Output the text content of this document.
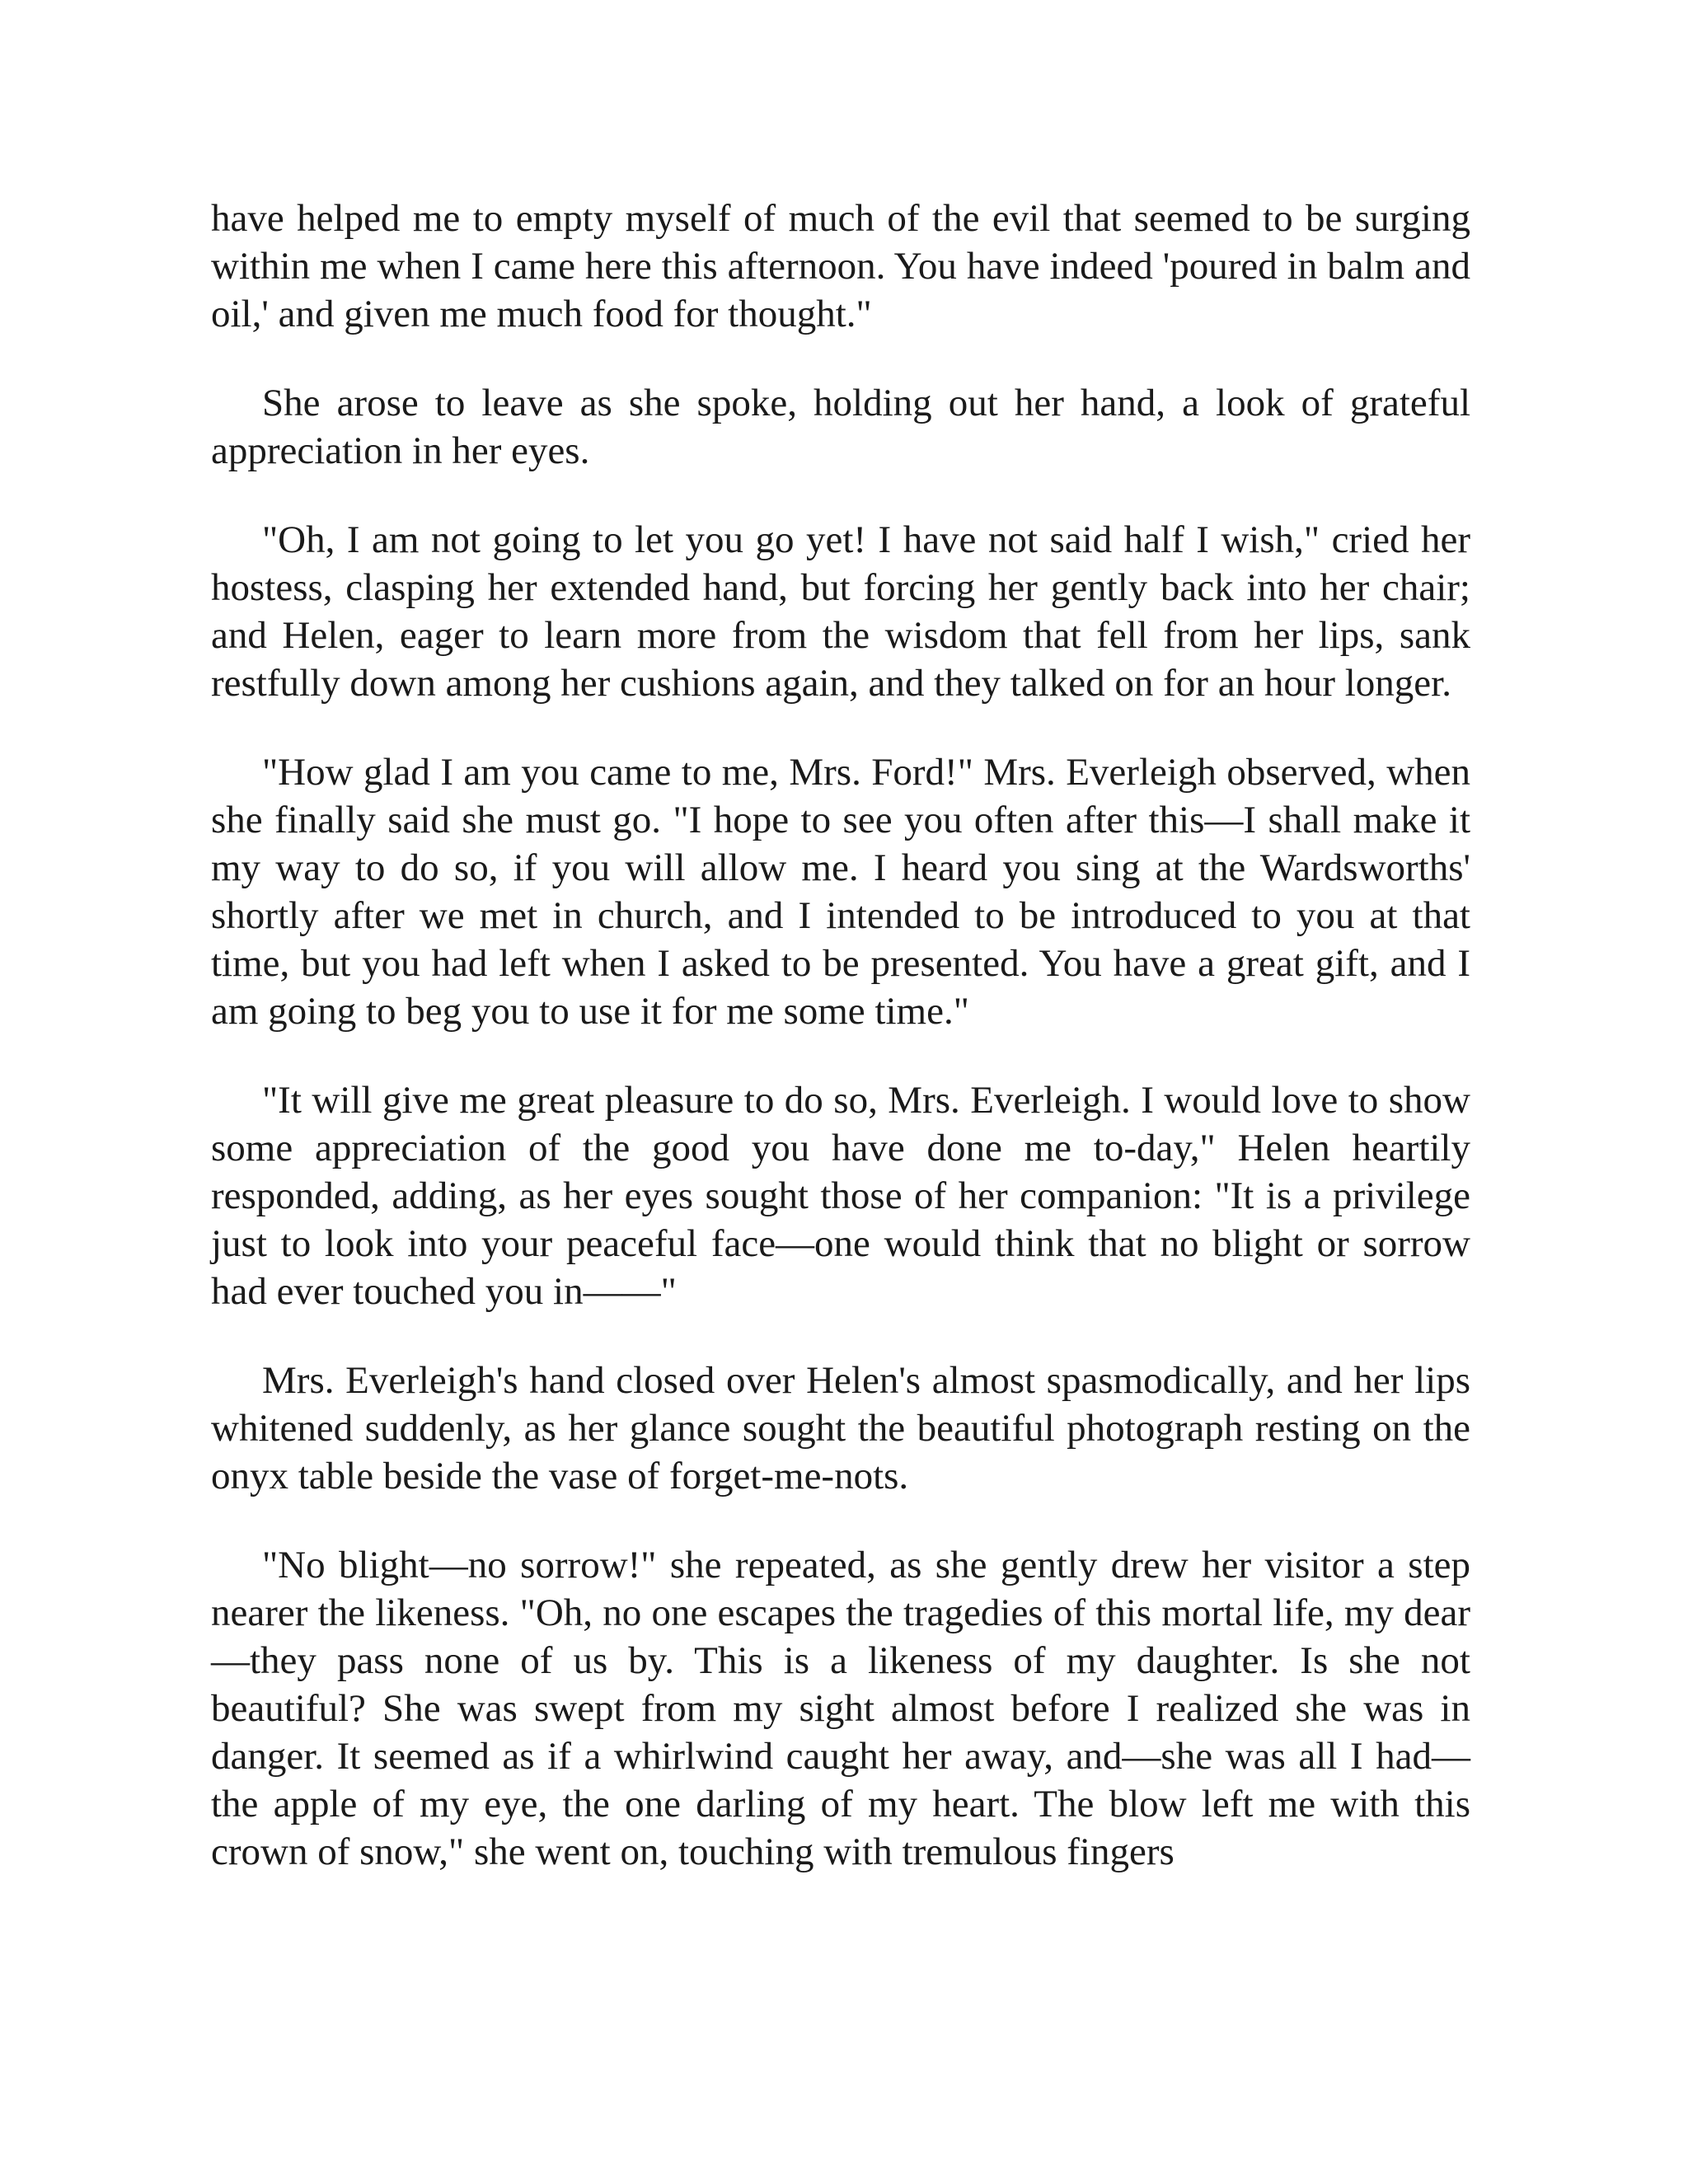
have helped me to empty myself of much of the evil that seemed to be surging within me when I came here this afternoon. You have indeed 'poured in balm and oil,' and given me much food for thought."

She arose to leave as she spoke, holding out her hand, a look of grateful appreciation in her eyes.

"Oh, I am not going to let you go yet! I have not said half I wish," cried her hostess, clasping her extended hand, but forcing her gently back into her chair; and Helen, eager to learn more from the wisdom that fell from her lips, sank restfully down among her cushions again, and they talked on for an hour longer.

"How glad I am you came to me, Mrs. Ford!" Mrs. Everleigh observed, when she finally said she must go. "I hope to see you often after this—I shall make it my way to do so, if you will allow me. I heard you sing at the Wardsworths' shortly after we met in church, and I intended to be introduced to you at that time, but you had left when I asked to be presented. You have a great gift, and I am going to beg you to use it for me some time."

"It will give me great pleasure to do so, Mrs. Everleigh. I would love to show some appreciation of the good you have done me to-day," Helen heartily responded, adding, as her eyes sought those of her companion: "It is a privilege just to look into your peaceful face—one would think that no blight or sorrow had ever touched you in——"

Mrs. Everleigh's hand closed over Helen's almost spasmodically, and her lips whitened suddenly, as her glance sought the beautiful photograph resting on the onyx table beside the vase of forget-me-nots.

"No blight—no sorrow!" she repeated, as she gently drew her visitor a step nearer the likeness. "Oh, no one escapes the tragedies of this mortal life, my dear—they pass none of us by. This is a likeness of my daughter. Is she not beautiful? She was swept from my sight almost before I realized she was in danger. It seemed as if a whirlwind caught her away, and—she was all I had—the apple of my eye, the one darling of my heart. The blow left me with this crown of snow," she went on, touching with tremulous fingers
